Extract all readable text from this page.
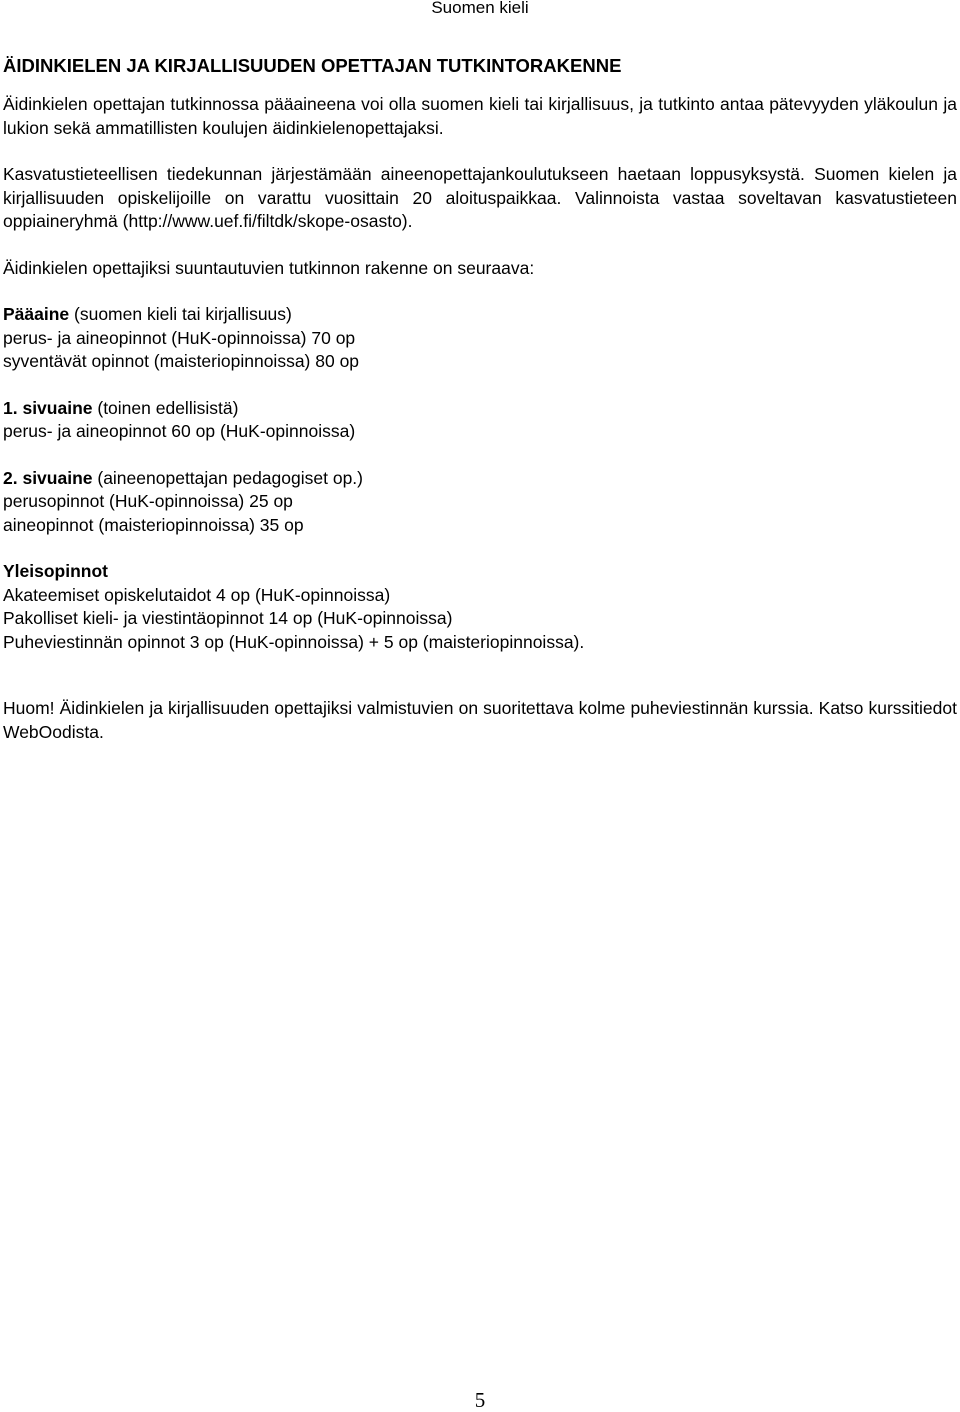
Suomen kieli
ÄIDINKIELEN JA KIRJALLISUUDEN OPETTAJAN TUTKINTORAKENNE

Äidinkielen opettajan tutkinnossa pääaineena voi olla suomen kieli tai kirjallisuus, ja tutkinto antaa pätevyyden yläkoulun ja lukion sekä ammatillisten koulujen äidinkielenopettajaksi.

Kasvatustieteellisen tiedekunnan järjestämään aineenopettajankoulutukseen haetaan loppusyksystä. Suomen kielen ja kirjallisuuden opiskelijoille on varattu vuosittain 20 aloituspaikkaa. Valinnoista vastaa soveltavan kasvatustieteen oppiaineryhmä (http://www.uef.fi/filtdk/skope-osasto).

Äidinkielen opettajiksi suuntautuvien tutkinnon rakenne on seuraava:

Pääaine (suomen kieli tai kirjallisuus)
perus- ja aineopinnot (HuK-opinnoissa) 70 op
syventävät opinnot (maisteriopinnoissa) 80 op
1. sivuaine (toinen edellisistä)
perus- ja aineopinnot 60 op (HuK-opinnoissa)
2. sivuaine (aineenopettajan pedagogiset op.)
perusopinnot (HuK-opinnoissa) 25 op
aineopinnot (maisteriopinnoissa) 35 op
Yleisopinnot
Akateemiset opiskelutaidot 4 op (HuK-opinnoissa)
Pakolliset kieli- ja viestintäopinnot 14 op (HuK-opinnoissa)
Puheviestinnän opinnot 3 op (HuK-opinnoissa) + 5 op (maisteriopinnoissa).

Huom! Äidinkielen ja kirjallisuuden opettajiksi valmistuvien on suoritettava kolme puheviestinnän kurssia. Katso kurssitiedot WebOodista.

5
